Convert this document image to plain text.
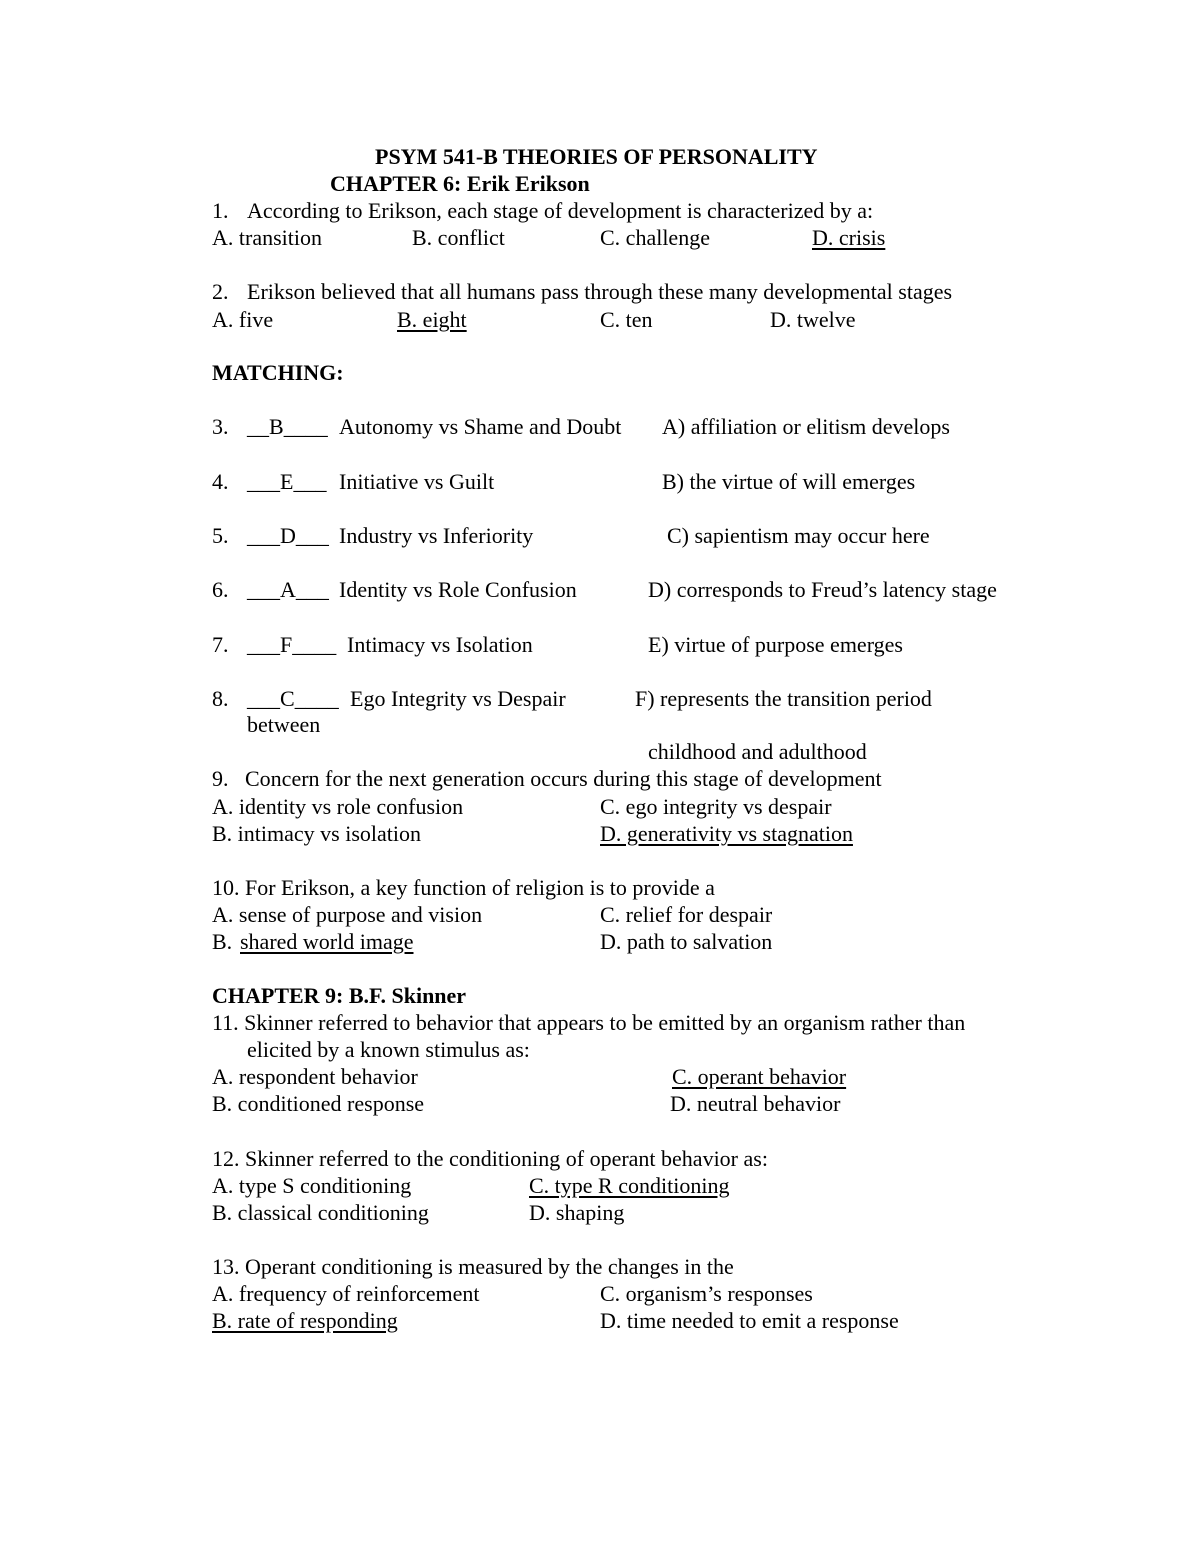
PSYM 541-B THEORIES OF PERSONALITY
CHAPTER 6: Erik Erikson
1. According to Erikson, each stage of development is characterized by a:
A. transition	B. conflict	C. challenge	D. crisis
2. Erikson believed that all humans pass through these many developmental stages
A. five	B. eight	C. ten	D. twelve
MATCHING:
3. __B____ Autonomy vs Shame and Doubt A) affiliation or elitism develops
4. ___E___ Initiative vs Guilt	B) the virtue of will emerges
5. ___D___ Industry vs Inferiority	C) sapientism may occur here
6. ___A___ Identity vs Role Confusion	D) corresponds to Freud’s latency stage
7. ___F____ Intimacy vs Isolation	E) virtue of purpose emerges
8. ___C____ Ego Integrity vs Despair	F) represents the transition period
between
childhood and adulthood
9.   Concern for the next generation occurs during this stage of development
A. identity vs role confusion	C. ego integrity vs despair
B. intimacy vs isolation	D. generativity vs stagnation
10. For Erikson, a key function of religion is to provide a
A. sense of purpose and vision	C. relief for despair
B. shared world image	D. path to salvation
CHAPTER 9: B.F. Skinner
11. Skinner referred to behavior that appears to be emitted by an organism rather than
elicited by a known stimulus as:
A. respondent behavior	C. operant behavior
B. conditioned response	D. neutral behavior
12. Skinner referred to the conditioning of operant behavior as:
A. type S conditioning	C. type R conditioning
B. classical conditioning	D. shaping
13. Operant conditioning is measured by the changes in the
A. frequency of reinforcement	C. organism’s responses
B. rate of responding	D. time needed to emit a response
